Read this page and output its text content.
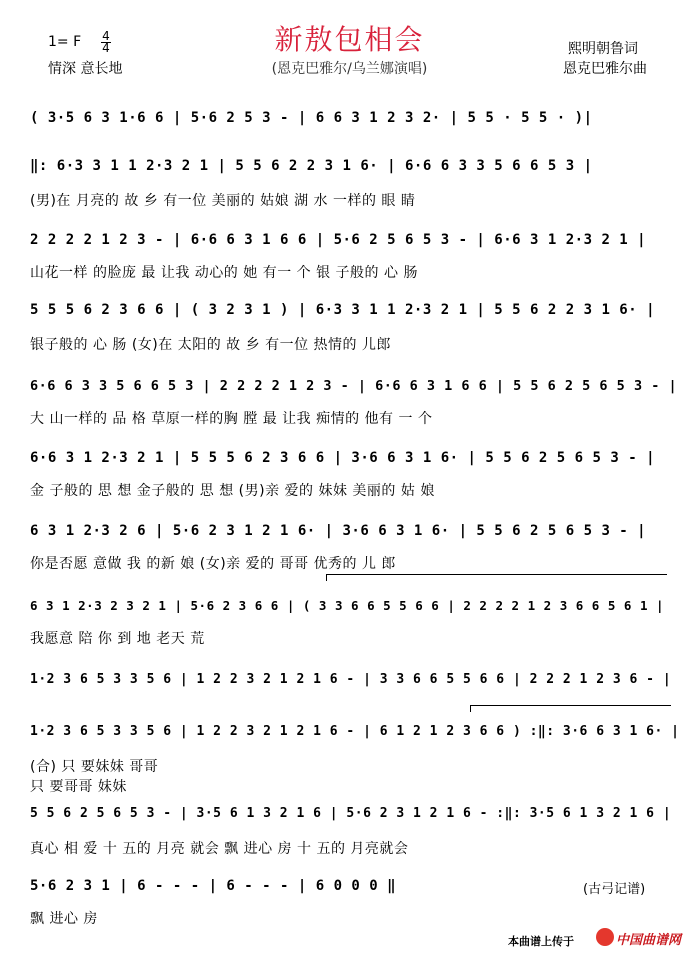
新敖包相会
(恩克巴雅尔/乌兰娜演唱)
1= F 4
4
情深 意长地
熙明朝鲁词
恩克巴雅尔曲
( 3·5 6 3 1·6 6 | 5·6 2 5 3 - | 6 6 3 1 2 3 2· | 5 5 · 5 5 · )|
‖: 6·3 3 1 1 2·3 2 1 | 5 5 6 2 2 3 1 6· | 6·6 6 3 3 5 6 6 5 3 |
(男)在 月亮的 故 乡 有一位 美丽的 姑娘 湖 水 一样的 眼 睛
2 2 2 2 1 2 3 - | 6·6 6 3 1 6 6 | 5·6 2 5 6 5 3 - | 6·6 3 1 2·3 2 1 |
山花一样 的脸庞 最 让我 动心的 她 有一 个 银 子般的 心 肠
5 5 5 6 2 3 6 6 | ( 3 2 3 1 ) | 6·3 3 1 1 2·3 2 1 | 5 5 6 2 2 3 1 6· |
银子般的 心 肠 (女)在 太阳的 故 乡 有一位 热情的 儿郎
6·6 6 3 3 5 6 6 5 3 | 2 2 2 2 1 2 3 - | 6·6 6 3 1 6 6 | 5 5 6 2 5 6 5 3 - |
大 山一样的 品 格 草原一样的胸 膛 最 让我 痴情的 他有 一 个
6·6 3 1 2·3 2 1 | 5 5 5 6 2 3 6 6 | 3·6 6 3 1 6· | 5 5 6 2 5 6 5 3 - |
金 子般的 思 想 金子般的 思 想 (男)亲 爱的 妹妹 美丽的 姑 娘
6 3 1 2·3 2 6 | 5·6 2 3 1 2 1 6· | 3·6 6 3 1 6· | 5 5 6 2 5 6 5 3 - |
你是否愿 意做 我 的新 娘 (女)亲 爱的 哥哥 优秀的 儿 郎
6 3 1 2·3 2 3 2 1 | 5·6 2 3 6 6 | ( 3 3 6 6 5 5 6 6 | 2 2 2 2 1 2 3 6 6 5 6 1 |
我愿意 陪 你 到 地 老天 荒
1·2 3 6 5 3 3 5 6 | 1 2 2 3 2 1 2 1 6 - | 3 3 6 6 5 5 6 6 | 2 2 2 1 2 3 6 - |
1·2 3 6 5 3 3 5 6 | 1 2 2 3 2 1 2 1 6 - | 6 1 2 1 2 3 6 6 ) :‖: 3·6 6 3 1 6· |
(合) 只 要妹妹 哥哥
只 要哥哥 妹妹
5 5 6 2 5 6 5 3 - | 3·5 6 1 3 2 1 6 | 5·6 2 3 1 2 1 6 - :‖: 3·5 6 1 3 2 1 6 |
真心 相 爱 十 五的 月亮 就会 飘 进心 房 十 五的 月亮就会
5·6 2 3 1 | 6 - - - | 6 - - - | 6 0 0 0 ‖
飘 进心 房
(古弓记谱)
本曲谱上传于	中国曲谱网
